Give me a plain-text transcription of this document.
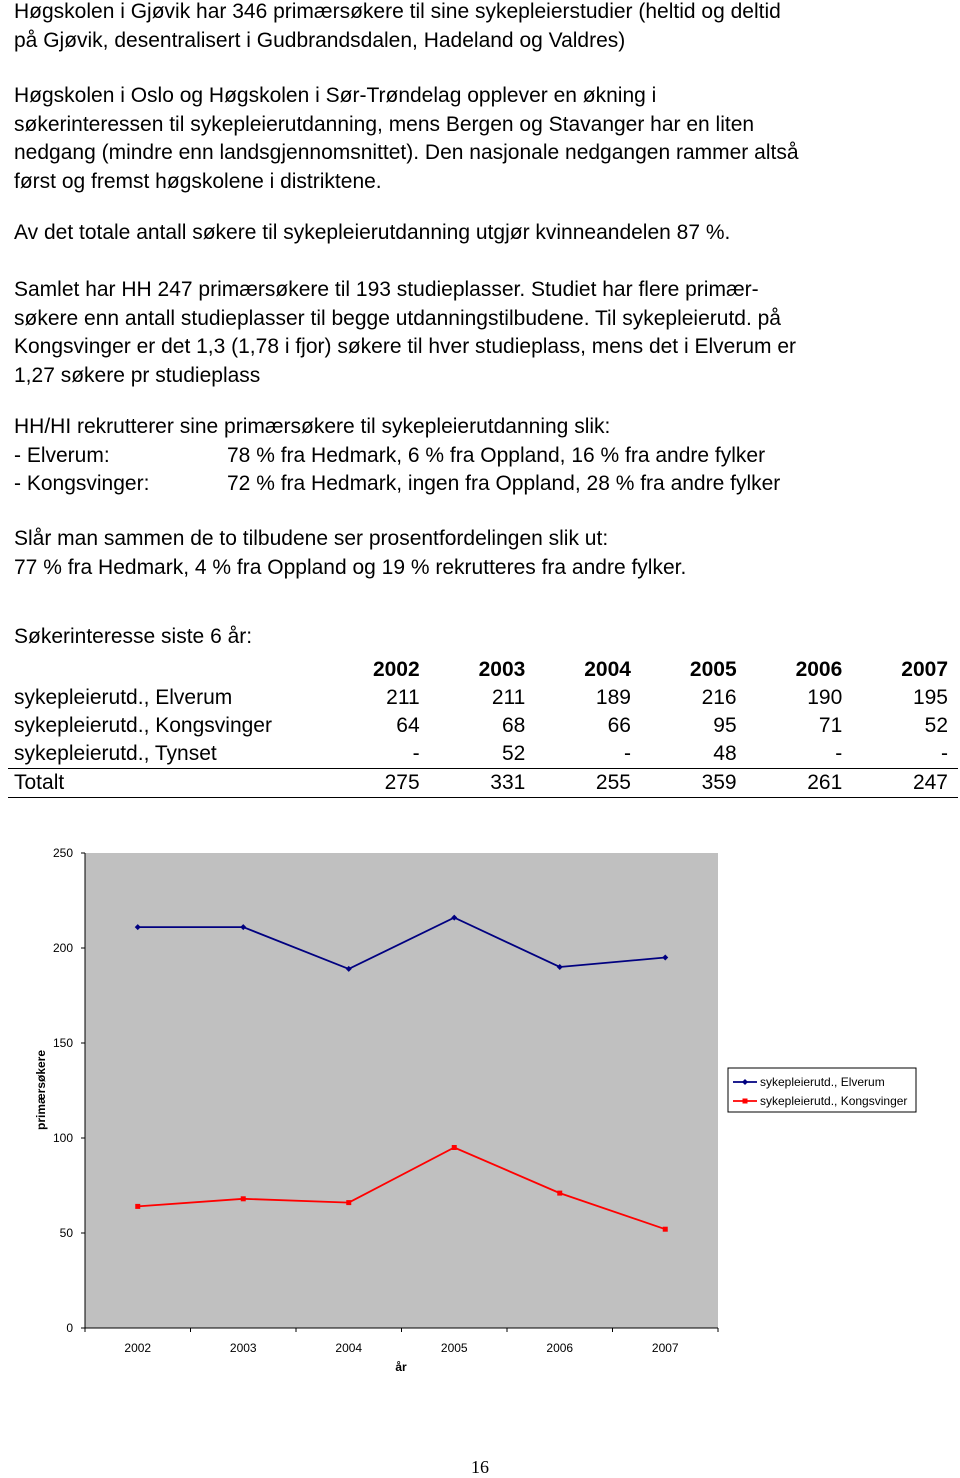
Høgskolen i Gjøvik har 346 primærsøkere til sine sykepleierstudier (heltid og deltid
på Gjøvik, desentralisert i Gudbrandsdalen, Hadeland og Valdres)
Høgskolen i Oslo og Høgskolen i Sør-Trøndelag opplever en økning i
søkerinteressen til sykepleierutdanning, mens Bergen og Stavanger har en liten
nedgang (mindre enn landsgjennomsnittet). Den nasjonale nedgangen rammer altså
først og fremst høgskolene i distriktene.
Av det totale antall søkere til sykepleierutdanning utgjør kvinneandelen 87 %.
Samlet har HH 247 primærsøkere til 193 studieplasser. Studiet har flere primær-
søkere enn antall studieplasser til begge utdanningstilbudene. Til sykepleierutd. på
Kongsvinger er det 1,3 (1,78 i fjor) søkere til hver studieplass, mens det i Elverum er
1,27 søkere pr studieplass
HH/HI rekrutterer sine primærsøkere til sykepleierutdanning slik:
- Elverum:	78 % fra Hedmark, 6 % fra Oppland, 16 % fra andre fylker
- Kongsvinger:	72 % fra Hedmark, ingen fra Oppland, 28 % fra andre fylker
Slår man sammen de to tilbudene ser prosentfordelingen slik ut:
77 % fra Hedmark, 4 % fra Oppland og 19 % rekrutteres fra andre fylker.
Søkerinteresse siste 6 år:
	2002	2003	2004	2005	2006	2007
sykepleierutd., Elverum	211	211	189	216	190	195
sykepleierutd., Kongsvinger	64	68	66	95	71	52
sykepleierutd., Tynset	-	52	-	48	-	-
Totalt	275	331	255	359	261	247
0
50
100
150
200
250
2002	2003	2004	2005	2006	2007
primærsøkere
år
sykepleierutd., Elverum
sykepleierutd., Kongsvinger
16
